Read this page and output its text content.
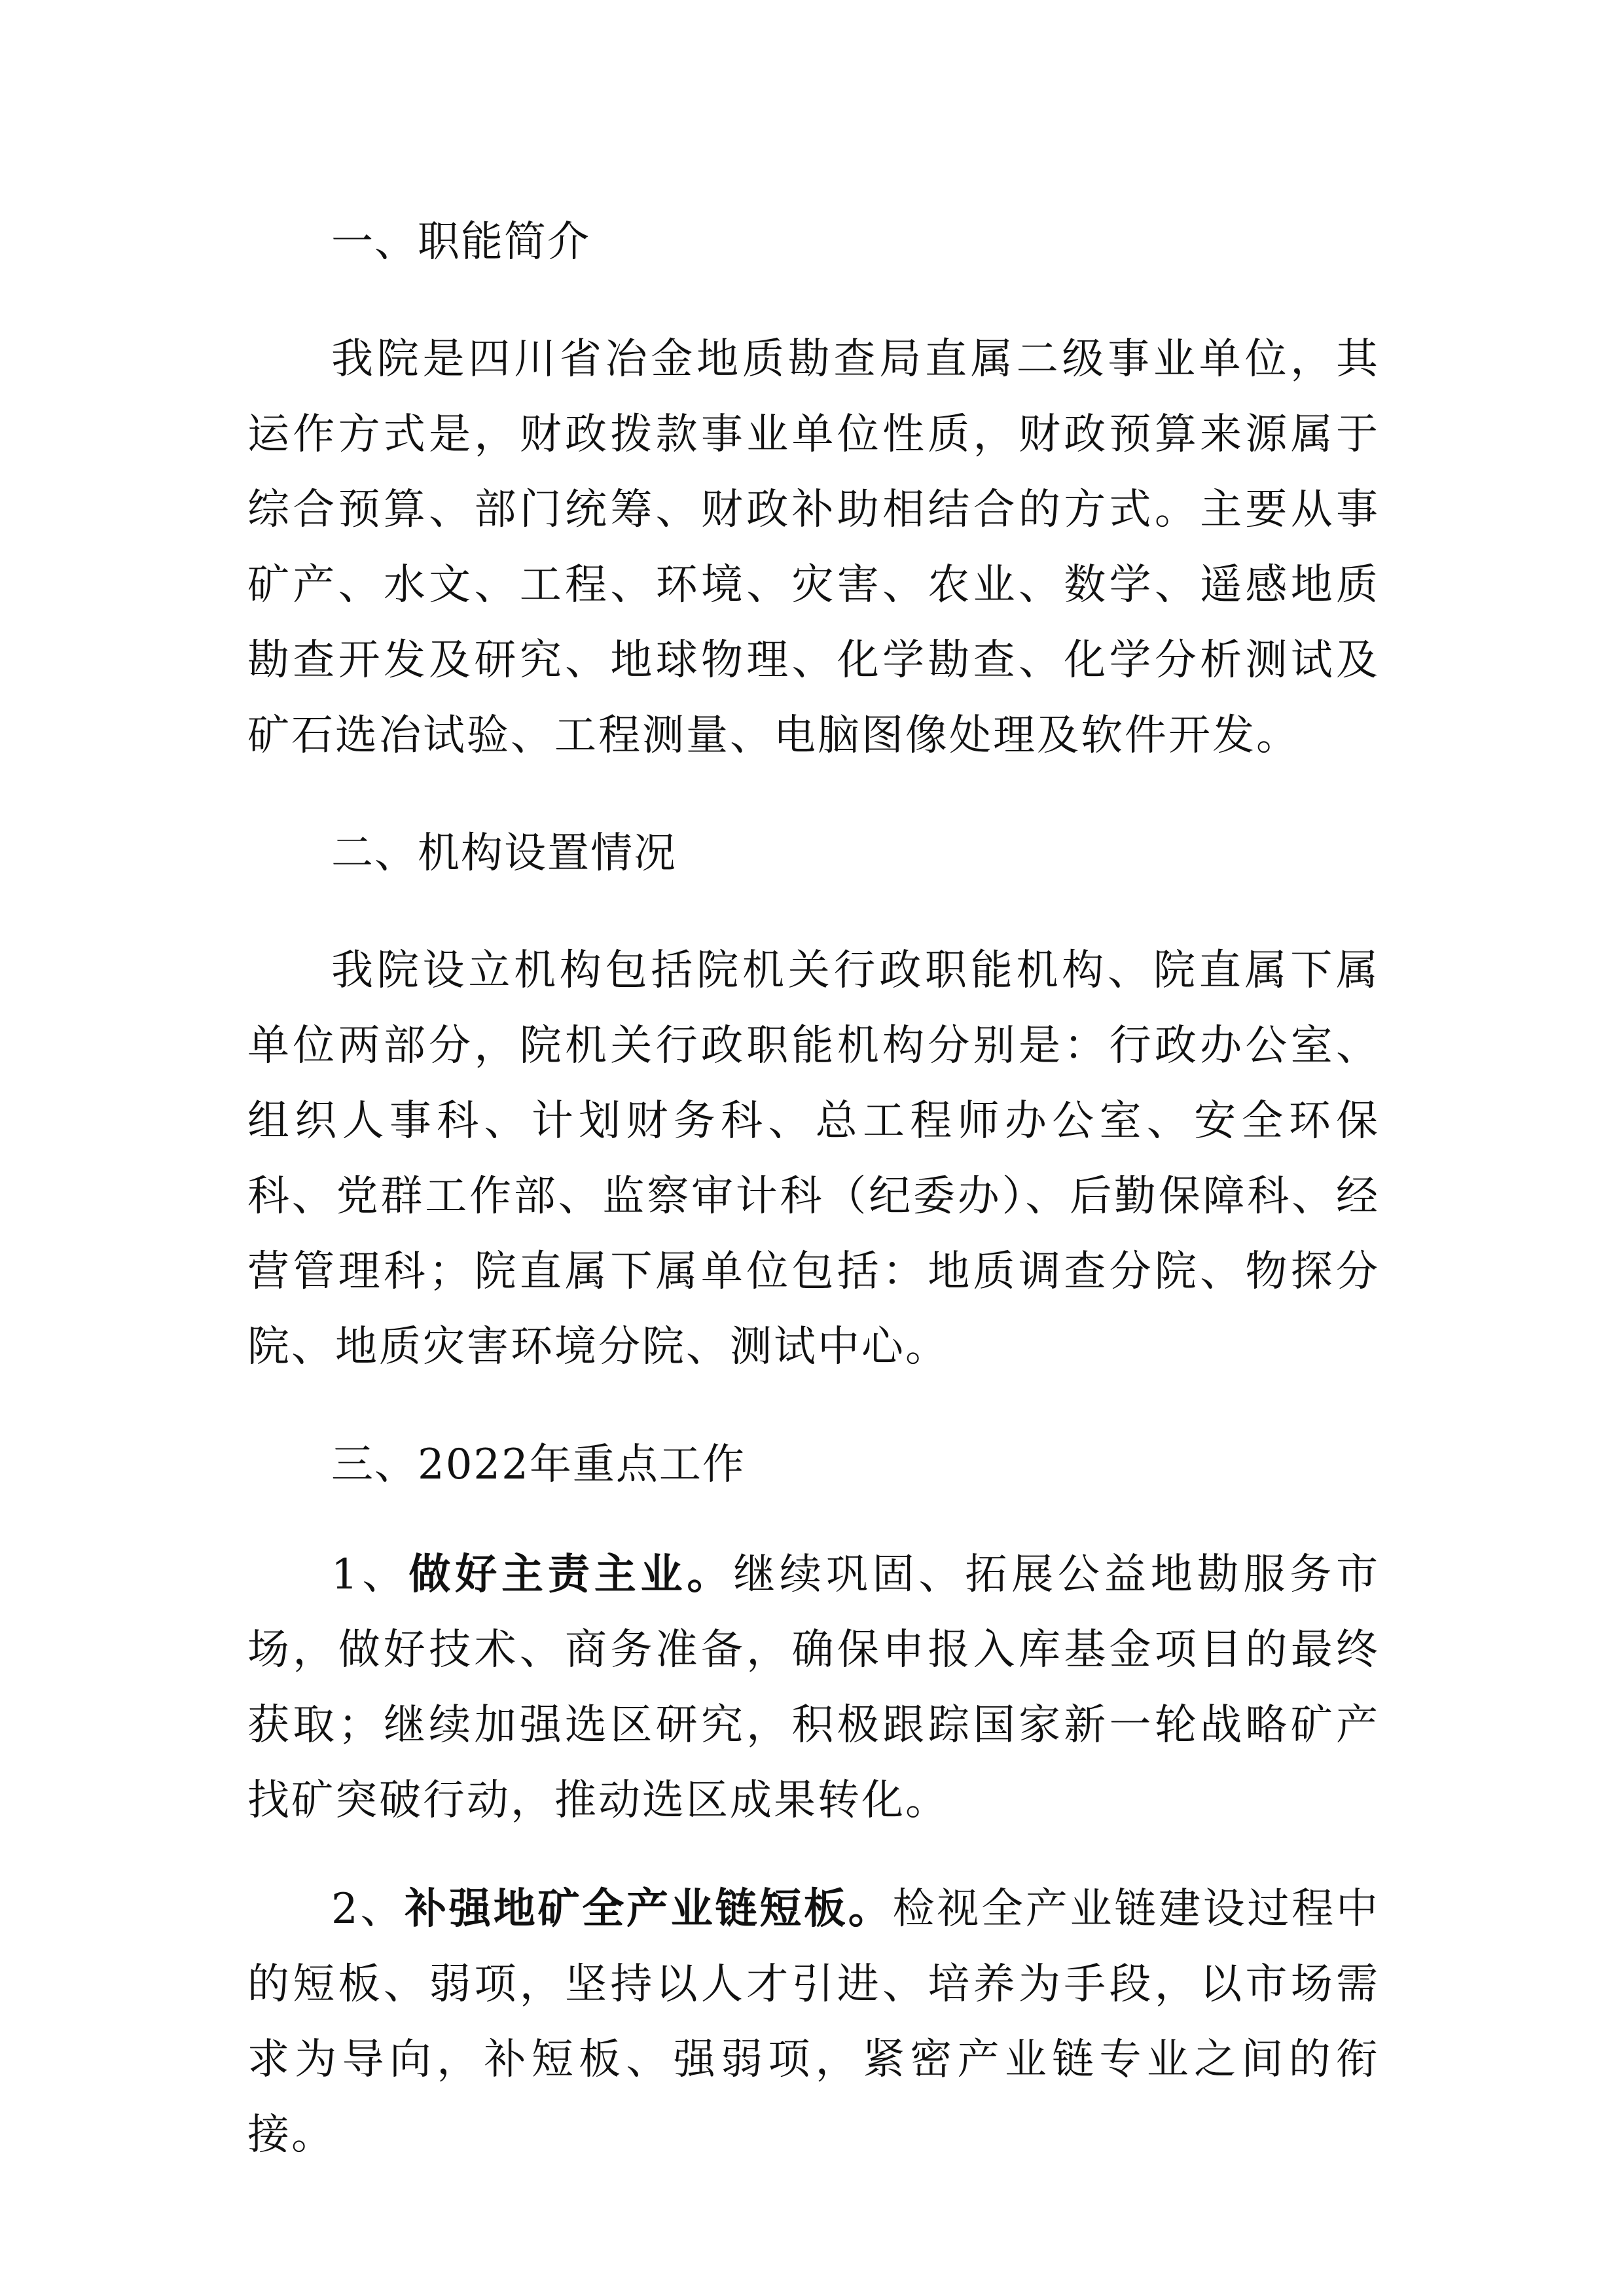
一、职能简介

我院是四川省冶金地质勘查局直属二级事业单位，其运作方式是，财政拨款事业单位性质，财政预算来源属于综合预算、部门统筹、财政补助相结合的方式。主要从事矿产、水文、工程、环境、灾害、农业、数学、遥感地质勘查开发及研究、地球物理、化学勘查、化学分析测试及矿石选冶试验、工程测量、电脑图像处理及软件开发。

二、机构设置情况

我院设立机构包括院机关行政职能机构、院直属下属单位两部分，院机关行政职能机构分别是：行政办公室、组织人事科、计划财务科、总工程师办公室、安全环保科、党群工作部、监察审计科（纪委办）、后勤保障科、经营管理科；院直属下属单位包括：地质调查分院、物探分院、地质灾害环境分院、测试中心。

三、2022年重点工作

1、做好主责主业。继续巩固、拓展公益地勘服务市场，做好技术、商务准备，确保申报入库基金项目的最终获取；继续加强选区研究，积极跟踪国家新一轮战略矿产找矿突破行动，推动选区成果转化。

2、补强地矿全产业链短板。检视全产业链建设过程中的短板、弱项，坚持以人才引进、培养为手段，以市场需求为导向，补短板、强弱项，紧密产业链专业之间的衔接。
